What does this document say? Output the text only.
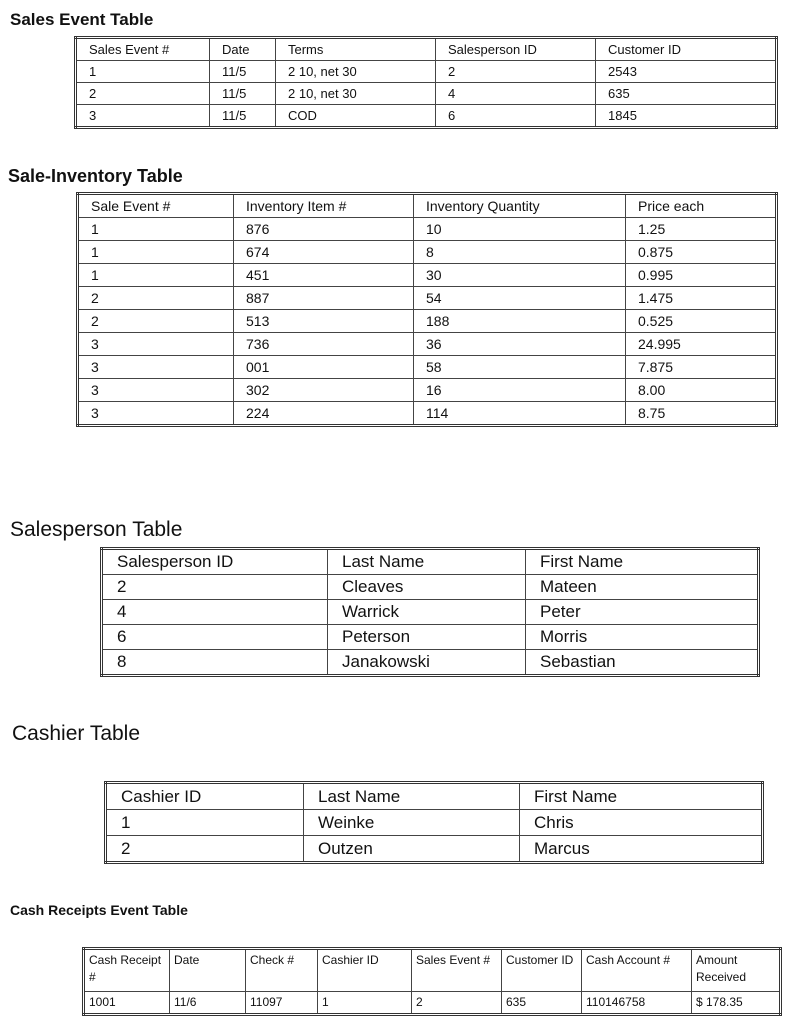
Sales Event Table
Sales Event #	Date	Terms	Salesperson ID	Customer ID
1	11/5	2 10, net 30	2	2543
2	11/5	2 10, net 30	4	635
3	11/5	COD	6	1845
Sale-Inventory Table
Sale Event #	Inventory Item #	Inventory Quantity	Price each
1	876	10	1.25
1	674	8	0.875
1	451	30	0.995
2	887	54	1.475
2	513	188	0.525
3	736	36	24.995
3	001	58	7.875
3	302	16	8.00
3	224	114	8.75
Salesperson Table
Salesperson ID	Last Name	First Name
2	Cleaves	Mateen
4	Warrick	Peter
6	Peterson	Morris
8	Janakowski	Sebastian
Cashier Table
Cashier ID	Last Name	First Name
1	Weinke	Chris
2	Outzen	Marcus
Cash Receipts Event Table
Cash Receipt #	Date	Check #	Cashier ID	Sales Event #	Customer ID	Cash Account #	Amount Received
1001	11/6	11097	1	2	635	110146758	$ 178.35
